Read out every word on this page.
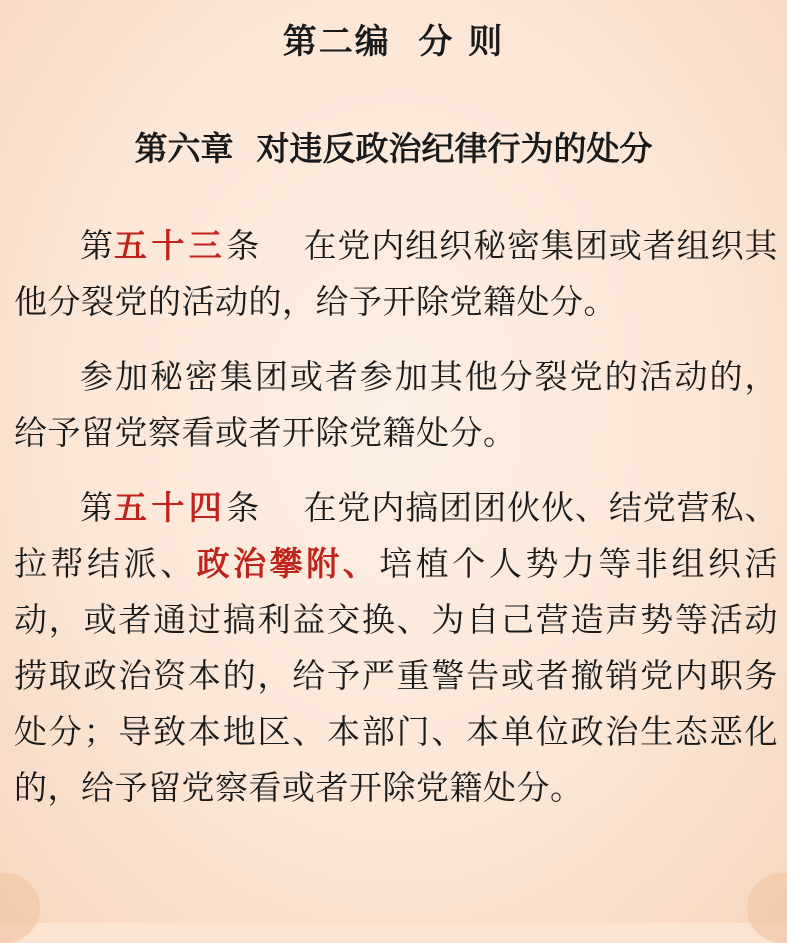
第二编  分 则
第六章  对违反政治纪律行为的处分

第五十三条 在党内组织秘密集团或者组织其他分裂党的活动的，给予开除党籍处分。

参加秘密集团或者参加其他分裂党的活动的，给予留党察看或者开除党籍处分。

第五十四条 在党内搞团团伙伙、结党营私、拉帮结派、政治攀附、培植个人势力等非组织活动，或者通过搞利益交换、为自己营造声势等活动捞取政治资本的，给予严重警告或者撤销党内职务处分；导致本地区、本部门、本单位政治生态恶化的，给予留党察看或者开除党籍处分。
